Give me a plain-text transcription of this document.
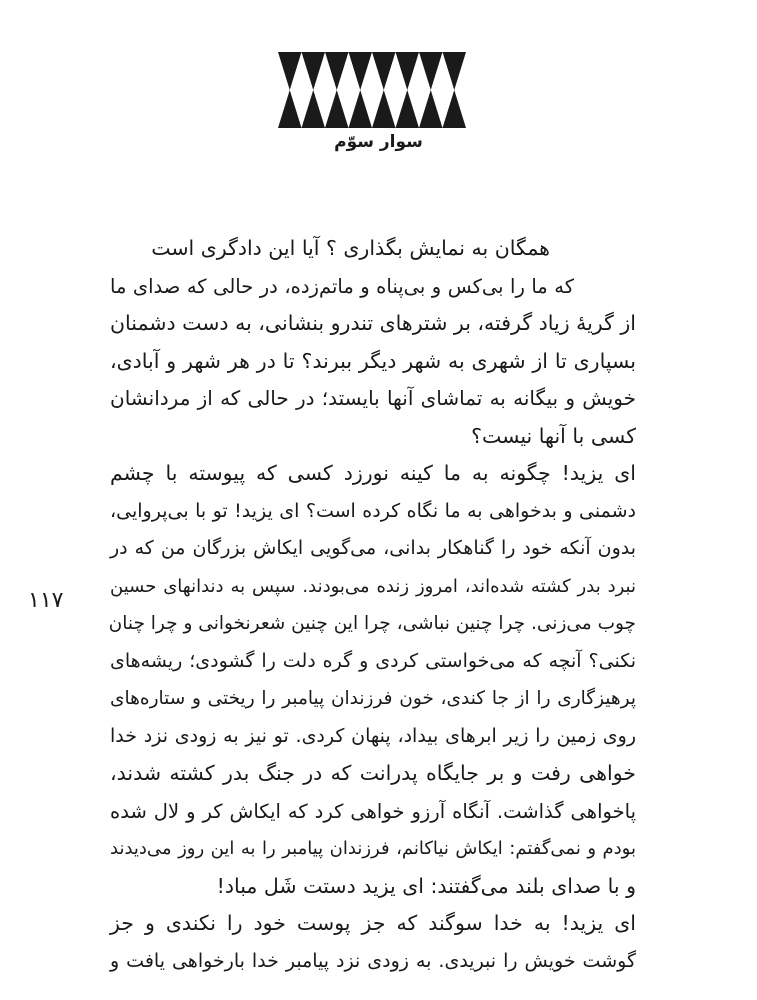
سوار سوّم
۱۱۷
همگان به نمایش بگذاری ؟ آیا این دادگری است
که ما را بی‌کس و بی‌پناه و ماتم‌زده، در حالی که صدای ما
از گریهٔ زیاد گرفته، بر شترهای تندرو بنشانی، به دست دشمنان
بسپاری تا از شهری به شهر دیگر ببرند؟ تا در هر شهر و آبادی،
خویش و بیگانه به تماشای آنها بایستد؛ در حالی که از مردانشان
کسی با آنها نیست؟
ای یزید! چگونه به ما کینه نورزد کسی که پیوسته با چشم
دشمنی و بدخواهی به ما نگاه کرده است؟ ای یزید! تو با بی‌پروایی،
بدون آنکه خود را گناهکار بدانی، می‌گویی ایکاش بزرگان من که در
نبرد بدر کشته شده‌اند، امروز زنده می‌بودند. سپس به دندانهای حسین
چوب می‌زنی. چرا چنین نباشی، چرا این چنین شعرنخوانی و چرا چنان
نکنی؟ آنچه که می‌خواستی کردی و گره دلت را گشودی؛ ریشه‌های
پرهیزگاری را از جا کندی، خون فرزندان پیامبر را ریختی و ستاره‌های
روی زمین را زیر ابرهای بیداد، پنهان کردی. تو نیز به زودی نزد خدا
خواهی رفت و بر جایگاه پدرانت که در جنگ بدر کشته شدند،
پاخواهی گذاشت. آنگاه آرزو خواهی کرد که ایکاش کر و لال شده
بودم و نمی‌گفتم: ایکاش نیاکانم، فرزندان پیامبر را به این روز می‌دیدند
و با صدای بلند می‌گفتند: ای یزید دستت شَل مباد!
ای یزید! به خدا سوگند که جز پوست خود را نکندی و جز
گوشت خویش را نبریدی. به زودی نزد پیامبر خدا بارخواهی یافت و
